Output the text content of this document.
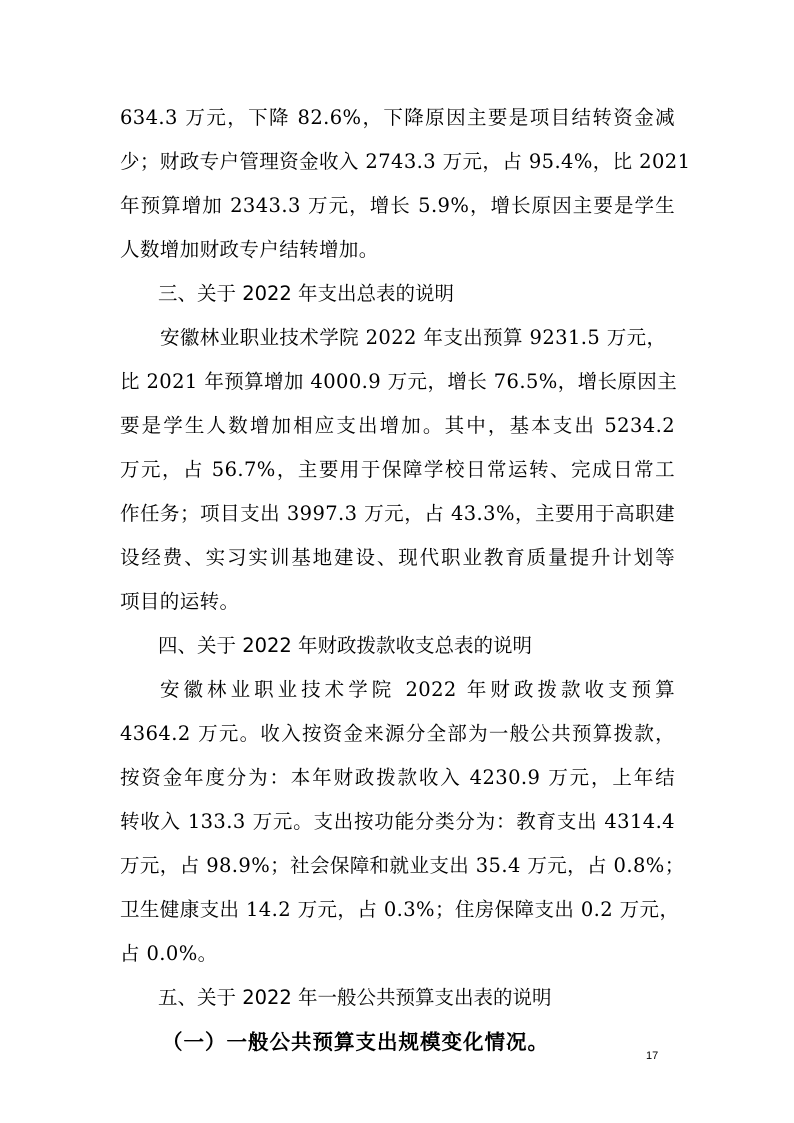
634.3 万元，下降 82.6%，下降原因主要是项目结转资金减
少；财政专户管理资金收入 2743.3 万元，占 95.4%，比 2021
年预算增加 2343.3 万元，增长 5.9%，增长原因主要是学生
人数增加财政专户结转增加。
三、关于 2022 年支出总表的说明
安徽林业职业技术学院 2022 年支出预算 9231.5 万元，
比 2021 年预算增加 4000.9 万元，增长 76.5%，增长原因主
要是学生人数增加相应支出增加。其中，基本支出 5234.2
万元，占 56.7%，主要用于保障学校日常运转、完成日常工
作任务；项目支出 3997.3 万元，占 43.3%，主要用于高职建
设经费、实习实训基地建设、现代职业教育质量提升计划等
项目的运转。
四、关于 2022 年财政拨款收支总表的说明
安徽林业职业技术学院 2022 年财政拨款收支预算
4364.2 万元。收入按资金来源分全部为一般公共预算拨款，
按资金年度分为：本年财政拨款收入 4230.9 万元，上年结
转收入 133.3 万元。支出按功能分类分为：教育支出 4314.4
万元，占 98.9%；社会保障和就业支出 35.4 万元，占 0.8%；
卫生健康支出 14.2 万元，占 0.3%；住房保障支出 0.2 万元，
占 0.0%。
五、关于 2022 年一般公共预算支出表的说明
（一）一般公共预算支出规模变化情况。
17
